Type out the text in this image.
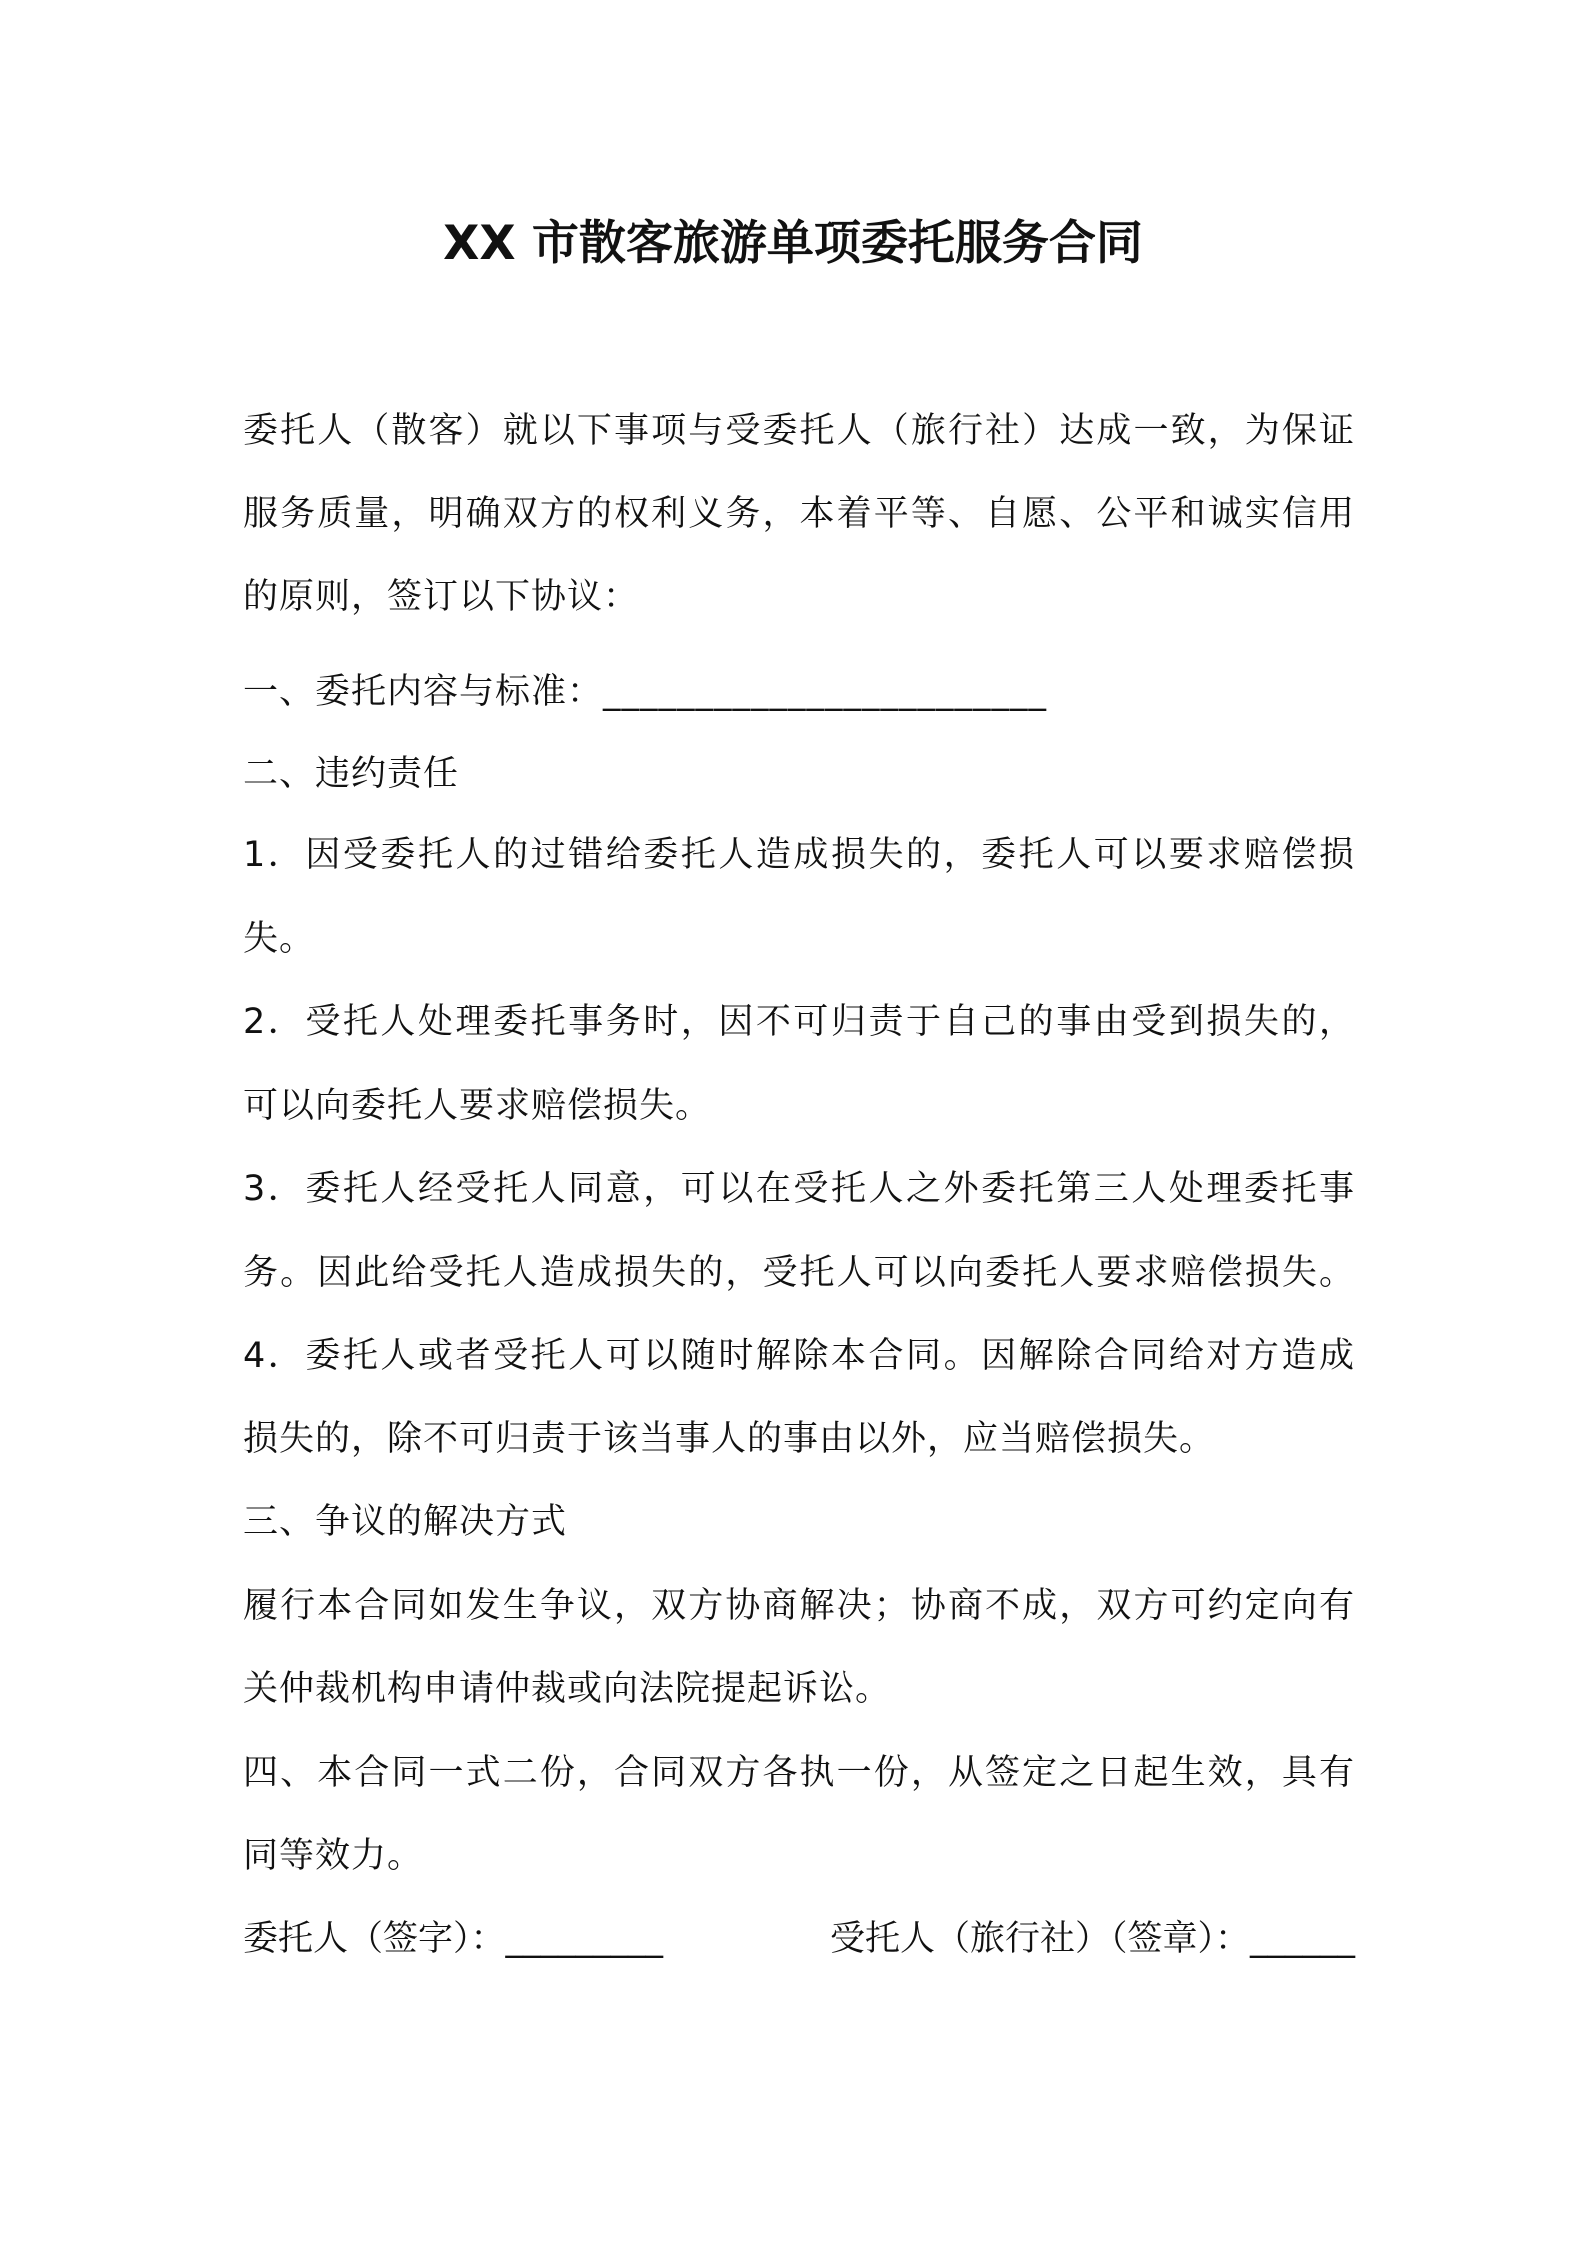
XX 市散客旅游单项委托服务合同
委托人（散客）就以下事项与受委托人（旅行社）达成一致，为保证
服务质量，明确双方的权利义务，本着平等、自愿、公平和诚实信用
的原则，签订以下协议：
一、委托内容与标准：________________________
二、违约责任
1．因受委托人的过错给委托人造成损失的，委托人可以要求赔偿损
失。
2．受托人处理委托事务时，因不可归责于自己的事由受到损失的，
可以向委托人要求赔偿损失。
3．委托人经受托人同意，可以在受托人之外委托第三人处理委托事
务。因此给受托人造成损失的，受托人可以向委托人要求赔偿损失。
4．委托人或者受托人可以随时解除本合同。因解除合同给对方造成
损失的，除不可归责于该当事人的事由以外，应当赔偿损失。
三、争议的解决方式
履行本合同如发生争议，双方协商解决；协商不成，双方可约定向有
关仲裁机构申请仲裁或向法院提起诉讼。
四、本合同一式二份，合同双方各执一份，从签定之日起生效，具有
同等效力。
委托人（签字）：_________	受托人（旅行社）（签章）：______
